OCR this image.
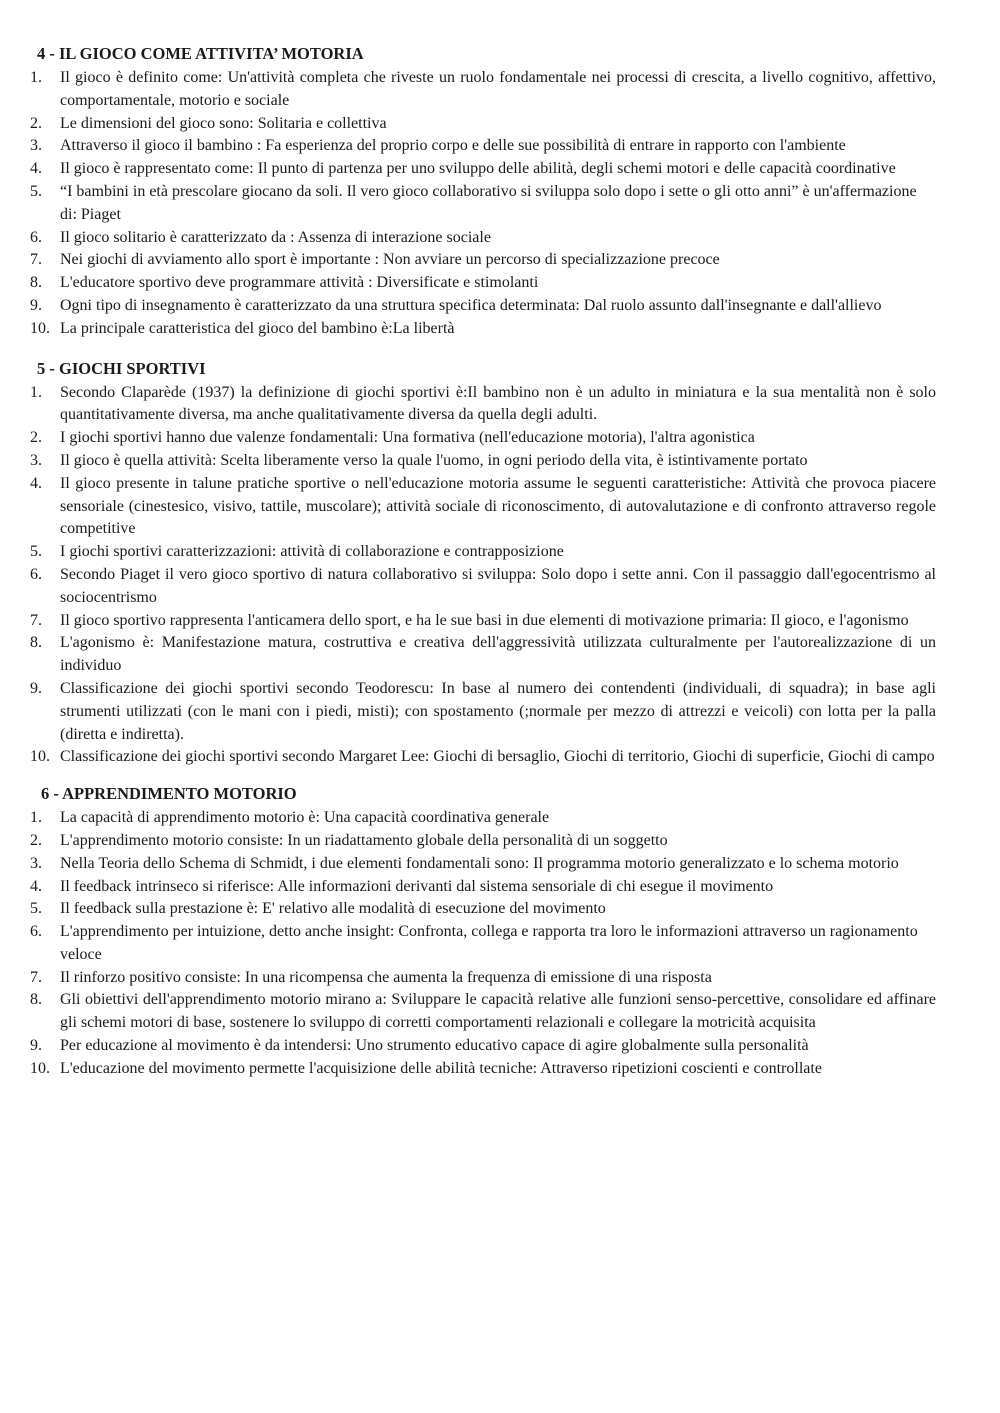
4 - IL GIOCO COME ATTIVITA’ MOTORIA
1. Il gioco è definito come: Un'attività completa che riveste un ruolo fondamentale nei processi di crescita, a livello cognitivo, affettivo, comportamentale, motorio e sociale
2. Le dimensioni del gioco sono: Solitaria e collettiva
3. Attraverso il gioco il bambino : Fa esperienza del proprio corpo e delle sue possibilità di entrare in rapporto con l'ambiente
4. Il gioco è rappresentato come: Il punto di partenza per uno sviluppo delle abilità, degli schemi motori e delle capacità coordinative
5. “I bambini in età prescolare giocano da soli. Il vero gioco collaborativo si sviluppa solo dopo i sette o gli otto anni” è un'affermazione di: Piaget
6. Il gioco solitario è caratterizzato da : Assenza di interazione sociale
7. Nei giochi di avviamento allo sport è importante : Non avviare un percorso di specializzazione precoce
8. L'educatore sportivo deve programmare attività : Diversificate e stimolanti
9. Ogni tipo di insegnamento è caratterizzato da una struttura specifica determinata: Dal ruolo assunto dall'insegnante e dall'allievo
10. La principale caratteristica del gioco del bambino è:La libertà
5 - GIOCHI SPORTIVI
1. Secondo Claparède (1937) la definizione di giochi sportivi è:Il bambino non è un adulto in miniatura e la sua mentalità non è solo quantitativamente diversa, ma anche qualitativamente diversa da quella degli adulti.
2. I giochi sportivi hanno due valenze fondamentali: Una formativa (nell'educazione motoria), l'altra agonistica
3. Il gioco è quella attività: Scelta liberamente verso la quale l'uomo, in ogni periodo della vita, è istintivamente portato
4. Il gioco presente in talune pratiche sportive o nell'educazione motoria assume le seguenti caratteristiche: Attività che provoca piacere sensoriale (cinestesico, visivo, tattile, muscolare); attività sociale di riconoscimento, di autovalutazione e di confronto attraverso regole competitive
5. I giochi sportivi caratterizzazioni: attività di collaborazione e contrapposizione
6. Secondo Piaget il vero gioco sportivo di natura collaborativo si sviluppa: Solo dopo i sette anni. Con il passaggio dall'egocentrismo al sociocentrismo
7. Il gioco sportivo rappresenta l'anticamera dello sport, e ha le sue basi in due elementi di motivazione primaria: Il gioco, e l'agonismo
8. L'agonismo è: Manifestazione matura, costruttiva e creativa dell'aggressività utilizzata culturalmente per l'autorealizzazione di un individuo
9. Classificazione dei giochi sportivi secondo Teodorescu: In base al numero dei contendenti (individuali, di squadra); in base agli strumenti utilizzati (con le mani con i piedi, misti); con spostamento (;normale per mezzo di attrezzi e veicoli) con lotta per la palla (diretta e indiretta).
10. Classificazione dei giochi sportivi secondo Margaret Lee: Giochi di bersaglio, Giochi di territorio, Giochi di superficie, Giochi di campo
6 - APPRENDIMENTO MOTORIO
1. La capacità di apprendimento motorio è: Una capacità coordinativa generale
2. L'apprendimento motorio consiste: In un riadattamento globale della personalità di un soggetto
3. Nella Teoria dello Schema di Schmidt, i due elementi fondamentali sono: Il programma motorio generalizzato e lo schema motorio
4. Il feedback intrinseco si riferisce: Alle informazioni derivanti dal sistema sensoriale di chi esegue il movimento
5. Il feedback sulla prestazione è: E' relativo alle modalità di esecuzione del movimento
6. L'apprendimento per intuizione, detto anche insight: Confronta, collega e rapporta tra loro le informazioni attraverso un ragionamento veloce
7. Il rinforzo positivo consiste: In una ricompensa che aumenta la frequenza di emissione di una risposta
8. Gli obiettivi dell'apprendimento motorio mirano a: Sviluppare le capacità relative alle funzioni senso-percettive, consolidare ed affinare gli schemi motori di base, sostenere lo sviluppo di corretti comportamenti relazionali e collegare la motricità acquisita
9. Per educazione al movimento è da intendersi: Uno strumento educativo capace di agire globalmente sulla personalità
10. L'educazione del movimento permette l'acquisizione delle abilità tecniche: Attraverso ripetizioni coscienti e controllate
